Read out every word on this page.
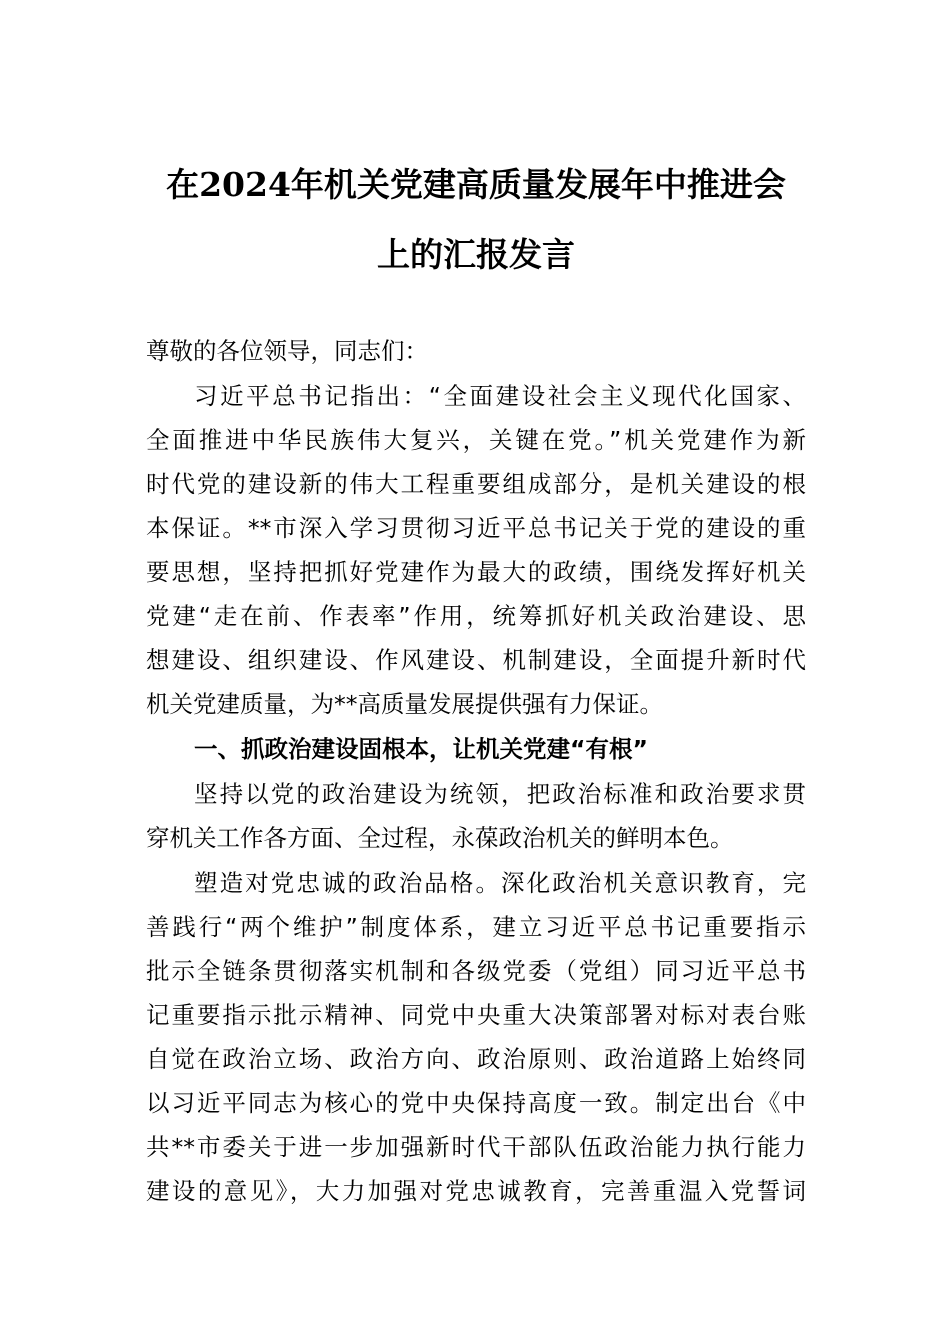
在2024年机关党建高质量发展年中推进会
上的汇报发言
尊敬的各位领导，同志们：
习近平总书记指出：“全面建设社会主义现代化国家、
全面推进中华民族伟大复兴，关键在党。”机关党建作为新
时代党的建设新的伟大工程重要组成部分，是机关建设的根
本保证。**市深入学习贯彻习近平总书记关于党的建设的重
要思想，坚持把抓好党建作为最大的政绩，围绕发挥好机关
党建“走在前、作表率”作用，统筹抓好机关政治建设、思
想建设、组织建设、作风建设、机制建设，全面提升新时代
机关党建质量，为**高质量发展提供强有力保证。
一、抓政治建设固根本，让机关党建“有根”
坚持以党的政治建设为统领，把政治标准和政治要求贯
穿机关工作各方面、全过程，永葆政治机关的鲜明本色。
塑造对党忠诚的政治品格。深化政治机关意识教育，完
善践行“两个维护”制度体系，建立习近平总书记重要指示
批示全链条贯彻落实机制和各级党委（党组）同习近平总书
记重要指示批示精神、同党中央重大决策部署对标对表台账
自觉在政治立场、政治方向、政治原则、政治道路上始终同
以习近平同志为核心的党中央保持高度一致。制定出台《中
共**市委关于进一步加强新时代干部队伍政治能力执行能力
建设的意见》，大力加强对党忠诚教育，完善重温入党誓词
